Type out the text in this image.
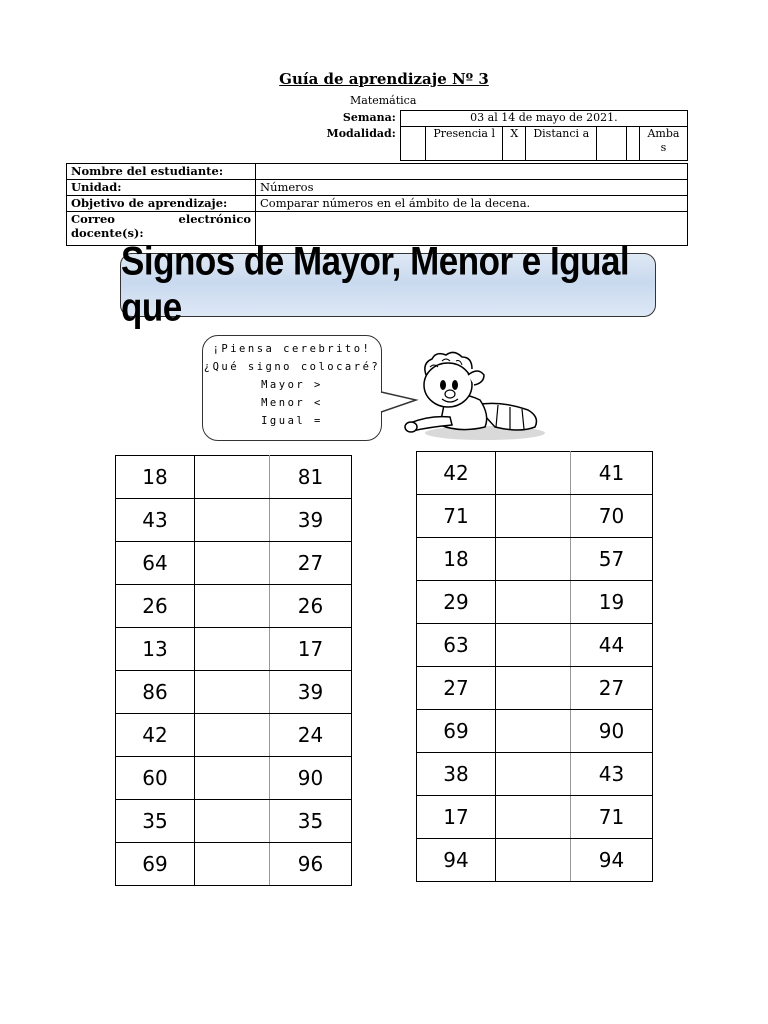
Guía de aprendizaje Nº 3
Matemática
Semana:	03 al 14 de mayo de 2021.						
Modalidad:		Presencia l	X	Distanci a			Amba s
Nombre del estudiante:	
Unidad:	Números
Objetivo de aprendizaje:	Comparar números en el ámbito de la decena.
Correo electrónico docente(s):	
Signos de Mayor, Menor e Igual que
¡Piensa cerebrito!
¿Qué signo colocaré?
Mayor >
Menor <
Igual =
18		81
43		39
64		27
26		26
13		17
86		39
42		24
60		90
35		35
69		96
42		41
71		70
18		57
29		19
63		44
27		27
69		90
38		43
17		71
94		94
